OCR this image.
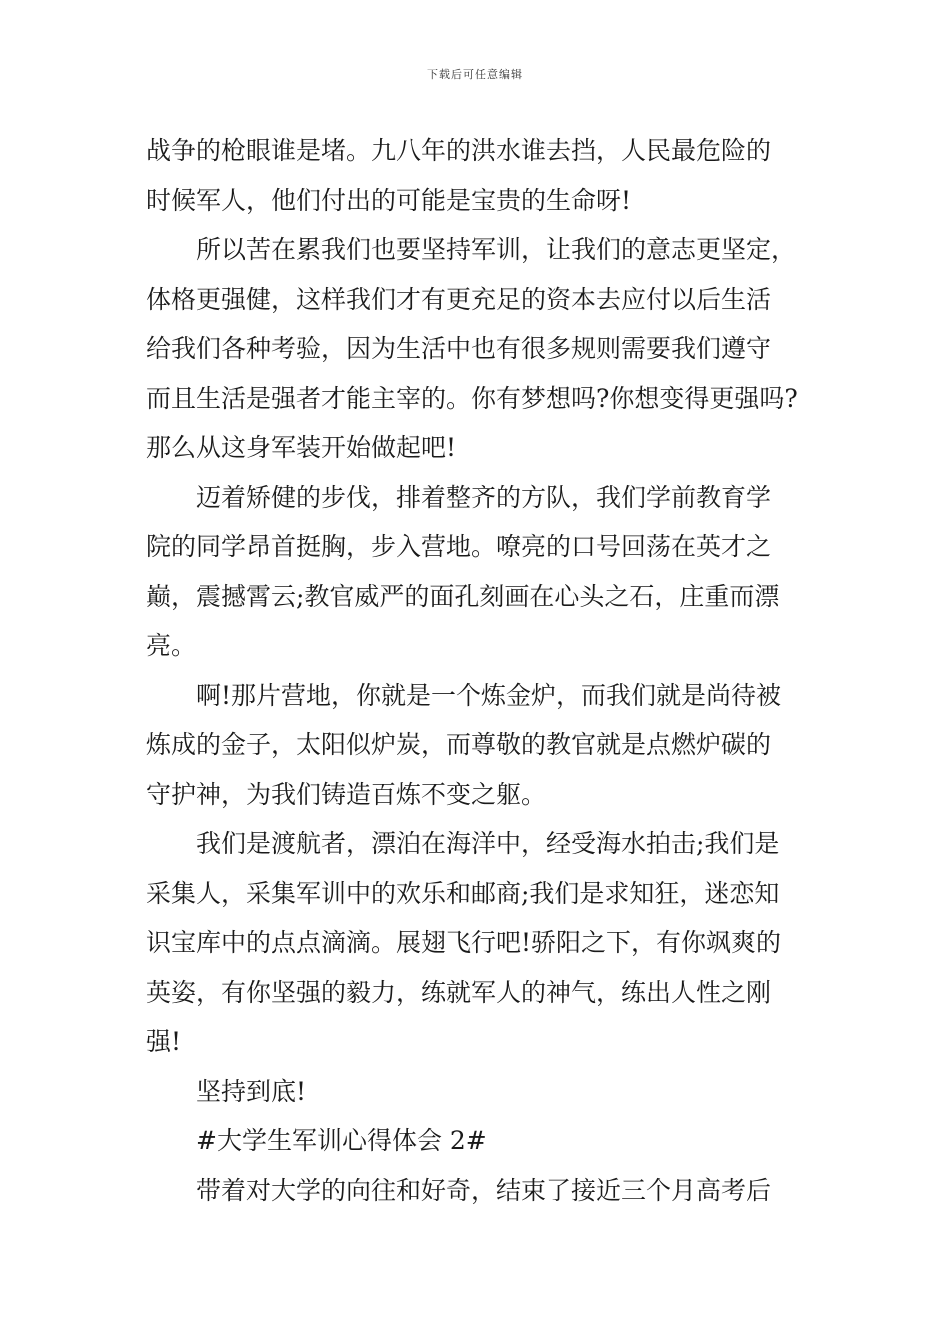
下载后可任意编辑
战争的枪眼谁是堵。九八年的洪水谁去挡，人民最危险的
时候军人，他们付出的可能是宝贵的生命呀!
所以苦在累我们也要坚持军训，让我们的意志更坚定，
体格更强健，这样我们才有更充足的资本去应付以后生活
给我们各种考验，因为生活中也有很多规则需要我们遵守
而且生活是强者才能主宰的。你有梦想吗?你想变得更强吗?
那么从这身军装开始做起吧!
迈着矫健的步伐，排着整齐的方队，我们学前教育学
院的同学昂首挺胸，步入营地。嘹亮的口号回荡在英才之
巅，震撼霄云;教官威严的面孔刻画在心头之石，庄重而漂
亮。
啊!那片营地，你就是一个炼金炉，而我们就是尚待被
炼成的金子，太阳似炉炭，而尊敬的教官就是点燃炉碳的
守护神，为我们铸造百炼不变之躯。
我们是渡航者，漂泊在海洋中，经受海水拍击;我们是
采集人，采集军训中的欢乐和邮商;我们是求知狂，迷恋知
识宝库中的点点滴滴。展翅飞行吧!骄阳之下，有你飒爽的
英姿，有你坚强的毅力，练就军人的神气，练出人性之刚
强!
坚持到底!
#大学生军训心得体会 2#
带着对大学的向往和好奇，结束了接近三个月高考后
